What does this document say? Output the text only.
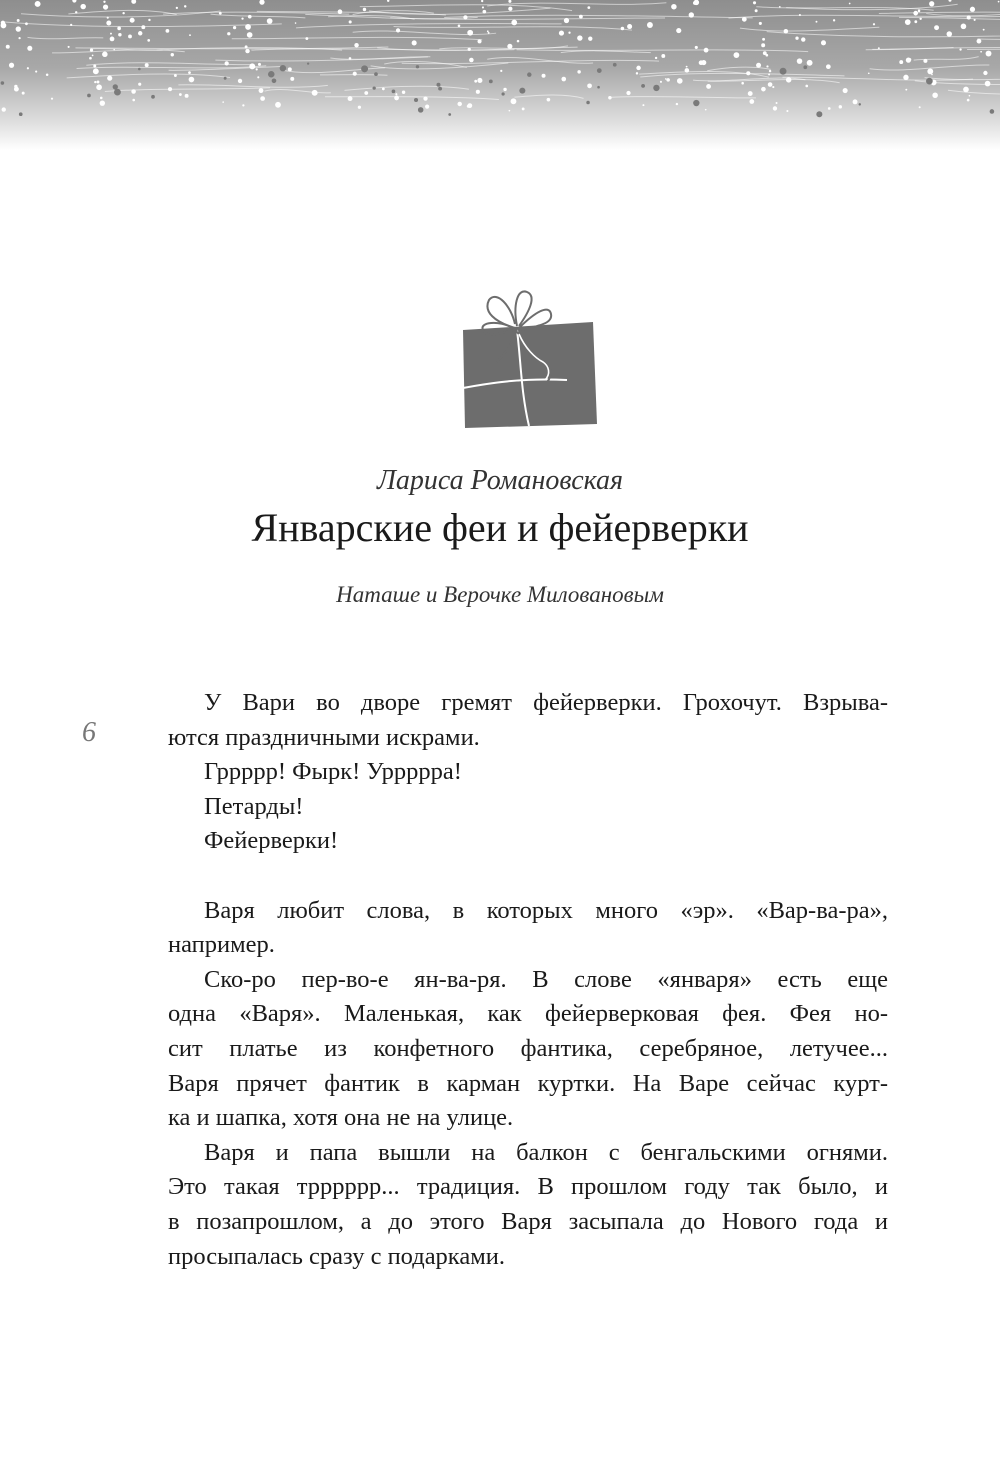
Лариса Романовская
Январские феи и фейерверки
Наташе и Верочке Миловановым
6
У Вари во дворе гремят фейерверки. Грохочут. Взрыва-
ются праздничными искрами.
Гррррр! Фырк! Урррррa!
Петарды!
Фейерверки!
Варя любит слова, в которых много «эр». «Вар-ва-ра»,
например.
Ско-ро пер-во-е ян-ва-ря. В слове «января» есть еще
одна «Варя». Маленькая, как фейерверковая фея. Фея но-
сит платье из конфетного фантика, серебряное, летучее...
Варя прячет фантик в карман куртки. На Варе сейчас курт-
ка и шапка, хотя она не на улице.
Варя и папа вышли на балкон с бенгальскими огнями.
Это такая трррррр... традиция. В прошлом году так было, и
в позапрошлом, а до этого Варя засыпала до Нового года и
просыпалась сразу с подарками.
